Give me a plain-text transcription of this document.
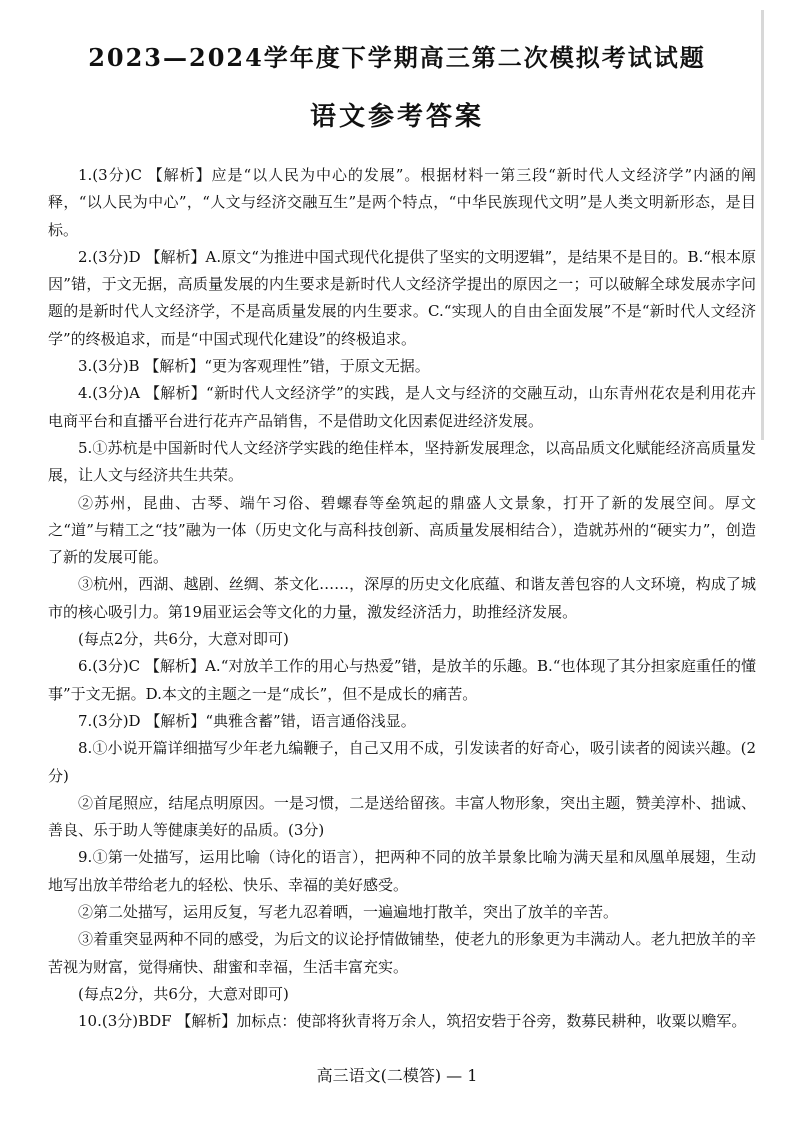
2023—2024学年度下学期高三第二次模拟考试试题
语文参考答案

1.(3分)C 【解析】应是“以人民为中心的发展”。根据材料一第三段“新时代人文经济学”内涵的阐释，“以人民为中心”，“人文与经济交融互生”是两个特点，“中华民族现代文明”是人类文明新形态，是目标。

2.(3分)D 【解析】A.原文“为推进中国式现代化提供了坚实的文明逻辑”，是结果不是目的。B.“根本原因”错，于文无据，高质量发展的内生要求是新时代人文经济学提出的原因之一；可以破解全球发展赤字问题的是新时代人文经济学，不是高质量发展的内生要求。C.“实现人的自由全面发展”不是“新时代人文经济学”的终极追求，而是“中国式现代化建设”的终极追求。

3.(3分)B 【解析】“更为客观理性”错，于原文无据。

4.(3分)A 【解析】“新时代人文经济学”的实践，是人文与经济的交融互动，山东青州花农是利用花卉电商平台和直播平台进行花卉产品销售，不是借助文化因素促进经济发展。

5.①苏杭是中国新时代人文经济学实践的绝佳样本，坚持新发展理念，以高品质文化赋能经济高质量发展，让人文与经济共生共荣。

②苏州，昆曲、古琴、端午习俗、碧螺春等垒筑起的鼎盛人文景象，打开了新的发展空间。厚文之“道”与精工之“技”融为一体（历史文化与高科技创新、高质量发展相结合），造就苏州的“硬实力”，创造了新的发展可能。

③杭州，西湖、越剧、丝绸、茶文化……，深厚的历史文化底蕴、和谐友善包容的人文环境，构成了城市的核心吸引力。第19届亚运会等文化的力量，激发经济活力，助推经济发展。

(每点2分，共6分，大意对即可)

6.(3分)C 【解析】A.“对放羊工作的用心与热爱”错，是放羊的乐趣。B.“也体现了其分担家庭重任的懂事”于文无据。D.本文的主题之一是“成长”，但不是成长的痛苦。

7.(3分)D 【解析】“典雅含蓄”错，语言通俗浅显。

8.①小说开篇详细描写少年老九编鞭子，自己又用不成，引发读者的好奇心，吸引读者的阅读兴趣。(2分)

②首尾照应，结尾点明原因。一是习惯，二是送给留孩。丰富人物形象，突出主题，赞美淳朴、拙诚、善良、乐于助人等健康美好的品质。(3分)

9.①第一处描写，运用比喻（诗化的语言），把两种不同的放羊景象比喻为满天星和凤凰单展翅，生动地写出放羊带给老九的轻松、快乐、幸福的美好感受。

②第二处描写，运用反复，写老九忍着晒，一遍遍地打散羊，突出了放羊的辛苦。

③着重突显两种不同的感受，为后文的议论抒情做铺垫，使老九的形象更为丰满动人。老九把放羊的辛苦视为财富，觉得痛快、甜蜜和幸福，生活丰富充实。

(每点2分，共6分，大意对即可)

10.(3分)BDF 【解析】加标点：使部将狄青将万余人，筑招安砦于谷旁，数募民耕种，收粟以赡军。

高三语文(二模答) — 1
